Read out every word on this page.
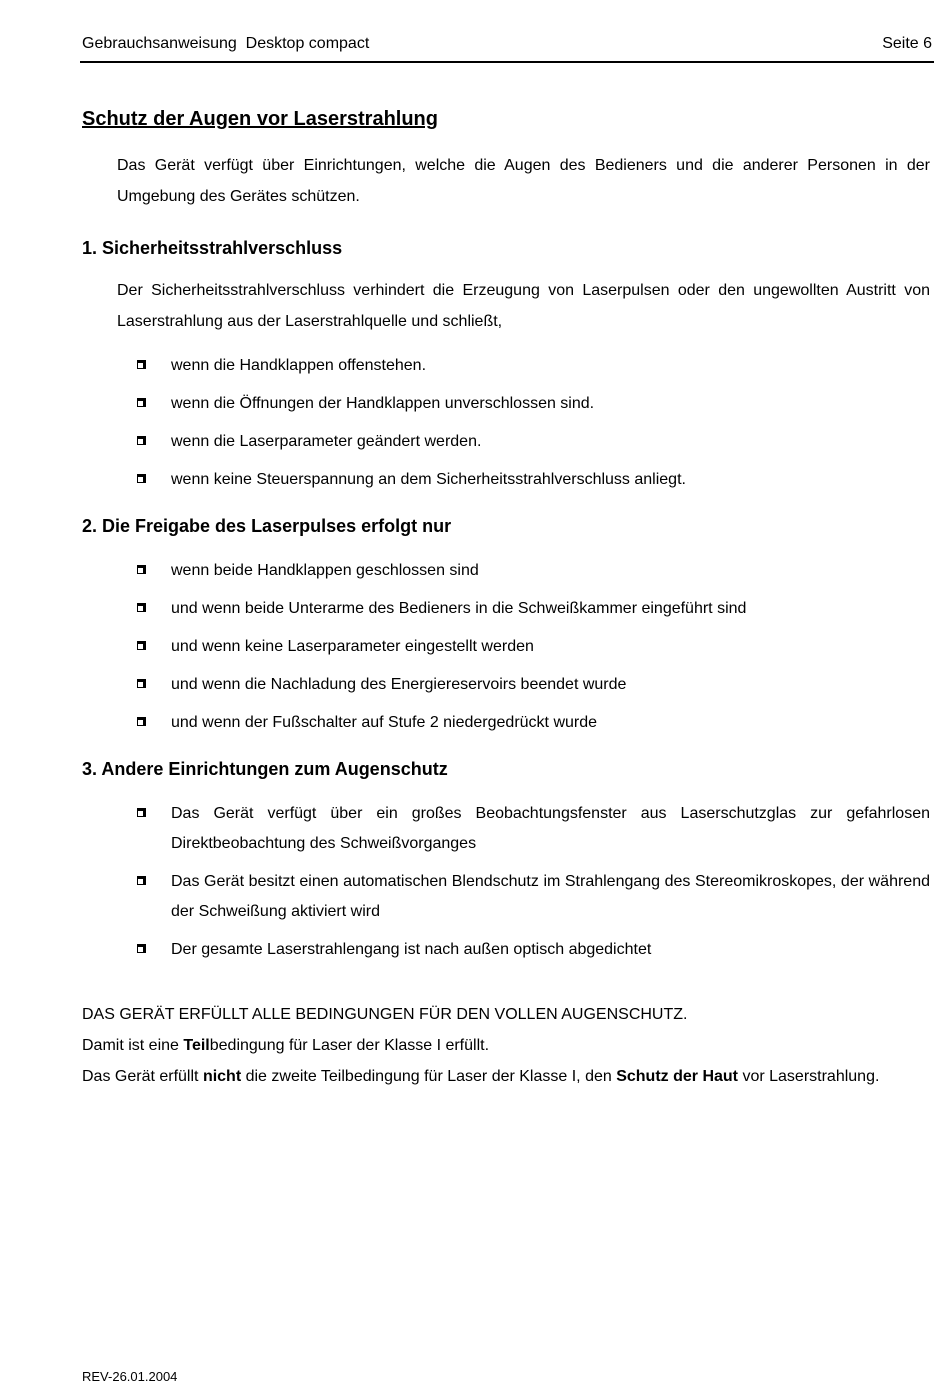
Gebrauchsanweisung  Desktop compact	Seite 6
Schutz der Augen vor Laserstrahlung
Das Gerät verfügt über Einrichtungen, welche die Augen des Bedieners und die anderer Personen in der Umgebung des Gerätes schützen.
1. Sicherheitsstrahlverschluss
Der Sicherheitsstrahlverschluss verhindert die Erzeugung von Laserpulsen oder den ungewollten Austritt von Laserstrahlung aus der Laserstrahlquelle und schließt,
wenn die Handklappen offenstehen.
wenn die Öffnungen der Handklappen unverschlossen sind.
wenn die Laserparameter geändert werden.
wenn keine Steuerspannung an dem Sicherheitsstrahlverschluss anliegt.
2. Die Freigabe des Laserpulses erfolgt nur
wenn beide Handklappen geschlossen sind
und wenn beide Unterarme des Bedieners in die Schweißkammer eingeführt sind
und wenn keine Laserparameter eingestellt werden
und wenn die Nachladung des Energiereservoirs beendet wurde
und wenn der Fußschalter auf Stufe 2 niedergedrückt wurde
3. Andere Einrichtungen zum Augenschutz
Das Gerät verfügt über ein großes Beobachtungsfenster aus Laserschutzglas zur gefahrlosen Direktbeobachtung des Schweißvorganges
Das Gerät besitzt einen automatischen Blendschutz im Strahlengang des Stereomikroskopes, der während der Schweißung aktiviert wird
Der gesamte Laserstrahlengang ist nach außen optisch abgedichtet
DAS GERÄT ERFÜLLT ALLE BEDINGUNGEN FÜR DEN VOLLEN AUGENSCHUTZ.
Damit ist eine Teilbedingung für Laser der Klasse I erfüllt.
Das Gerät erfüllt nicht die zweite Teilbedingung für Laser der Klasse I, den Schutz der Haut vor Laserstrahlung.
REV-26.01.2004
